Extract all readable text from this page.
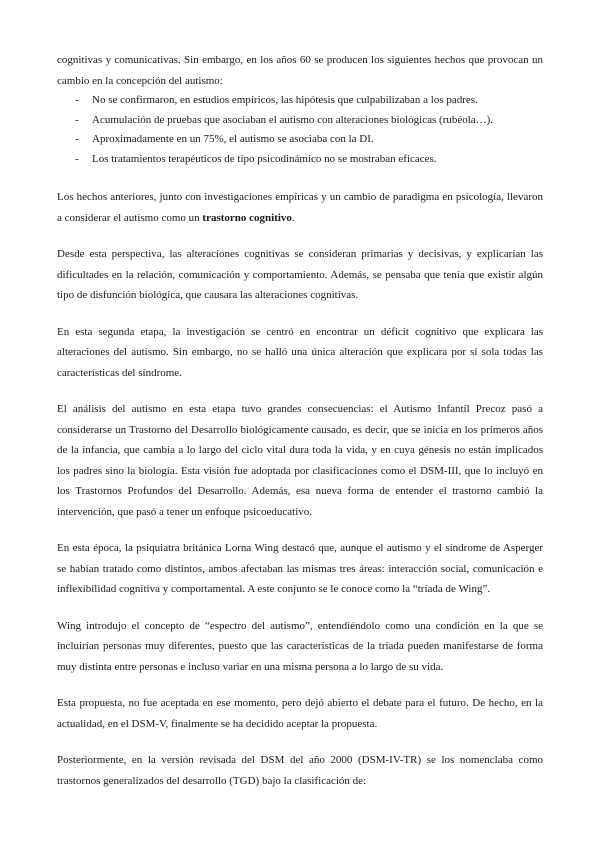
cognitivas y comunicativas. Sin embargo, en los años 60 se producen los siguientes hechos que provocan un cambio en la concepción del autismo:

- No se confirmaron, en estudios empíricos, las hipótesis que culpabilizaban a los padres.
- Acumulación de pruebas que asociaban el autismo con alteraciones biológicas (rubéola…).
- Aproximadamente en un 75%, el autismo se asociaba con la DI.
- Los tratamientos terapéuticos de tipo psicodinámico no se mostraban eficaces.

Los hechos anteriores, junto con investigaciones empíricas y un cambio de paradigma en psicología, llevaron a considerar el autismo como un trastorno cognitivo.

Desde esta perspectiva, las alteraciones cognitivas se consideran primarias y decisivas, y explicarían las dificultades en la relación, comunicación y comportamiento. Además, se pensaba que tenía que existir algún tipo de disfunción biológica, que causara las alteraciones cognitivas.

En esta segunda etapa, la investigación se centró en encontrar un déficit cognitivo que explicara las alteraciones del autismo. Sin embargo, no se halló una única alteración que explicara por sí sola todas las características del síndrome.

El análisis del autismo en esta etapa tuvo grandes consecuencias: el Autismo Infantil Precoz pasó a considerarse un Trastorno del Desarrollo biológicamente causado, es decir, que se inicia en los primeros años de la infancia, que cambia a lo largo del ciclo vital dura toda la vida, y en cuya génesis no están implicados los padres sino la biología. Esta visión fue adoptada por clasificaciones como el DSM-III, que lo incluyó en los Trastornos Profundos del Desarrollo. Además, esa nueva forma de entender el trastorno cambió la intervención, que pasó a tener un enfoque psicoeducativo.

En esta época, la psiquiatra británica Lorna Wing destacó que, aunque el autismo y el síndrome de Asperger se habían tratado como distintos, ambos afectaban las mismas tres áreas: interacción social, comunicación e inflexibilidad cognitiva y comportamental. A este conjunto se le conoce como la “tríada de Wing”.

Wing introdujo el concepto de “espectro del autismo”, entendiéndolo como una condición en la que se incluirían personas muy diferentes, puesto que las características de la tríada pueden manifestarse de forma muy distinta entre personas e incluso variar en una misma persona a lo largo de su vida.

Esta propuesta, no fue aceptada en ese momento, pero dejó abierto el debate para el futuro. De hecho, en la actualidad, en el DSM-V, finalmente se ha decidido aceptar la propuesta.

Posteriormente, en la versión revisada del DSM del año 2000 (DSM-IV-TR) se los nomenclaba como trastornos generalizados del desarrollo (TGD) bajo la clasificación de:
